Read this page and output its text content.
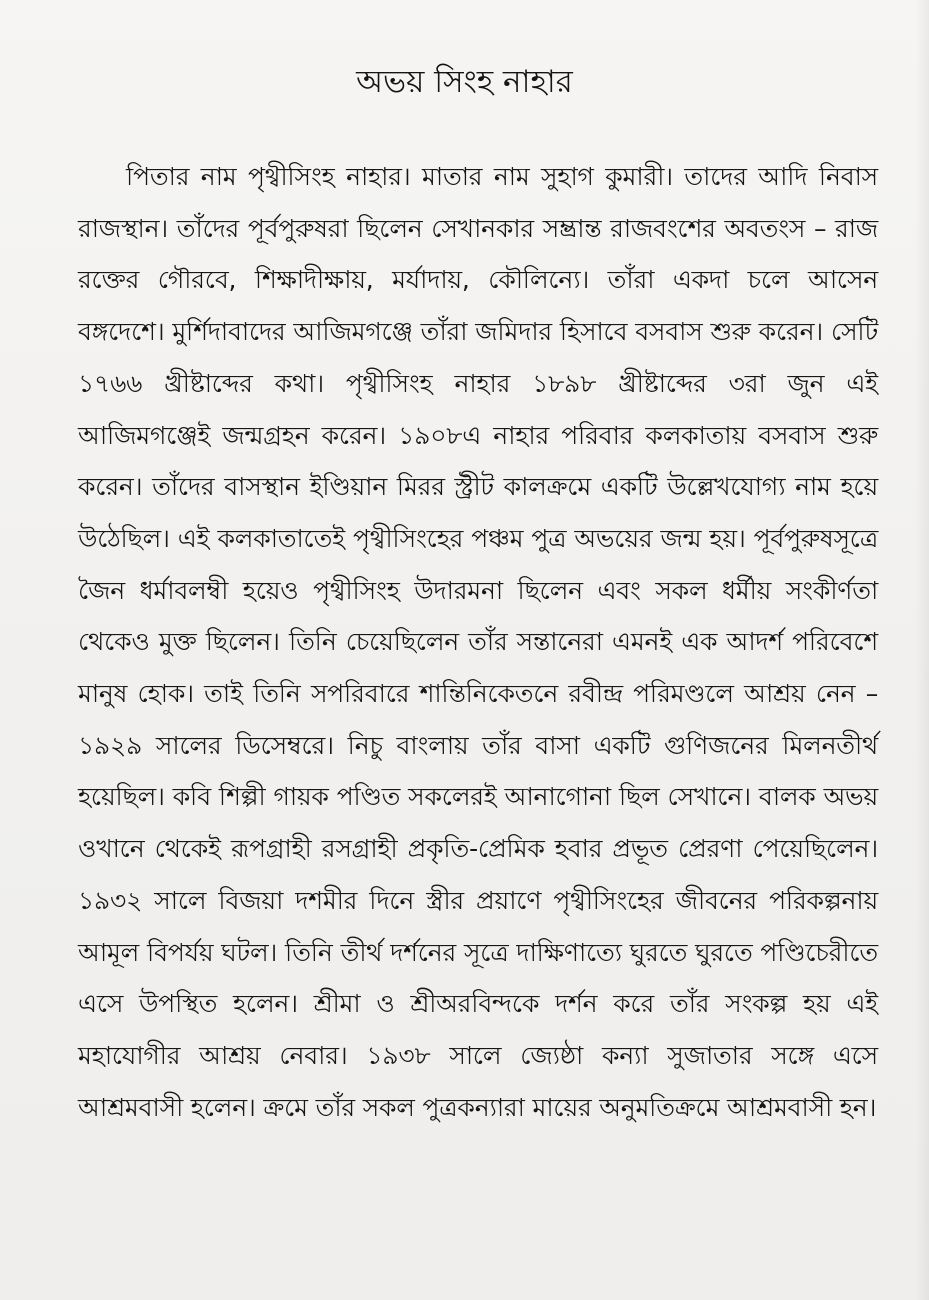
অভয় সিংহ নাহার

পিতার নাম পৃথ্বীসিংহ নাহার। মাতার নাম সুহাগ কুমারী। তাদের আদি নিবাস রাজস্থান। তাঁদের পূর্বপুরুষরা ছিলেন সেখানকার সম্ভ্রান্ত রাজবংশের অবতংস – রাজ রক্তের গৌরবে, শিক্ষাদীক্ষায়, মর্যাদায়, কৌলিন্যে। তাঁরা একদা চলে আসেন বঙ্গদেশে। মুর্শিদাবাদের আজিমগঞ্জে তাঁরা জমিদার হিসাবে বসবাস শুরু করেন। সেটি ১৭৬৬ খ্রীষ্টাব্দের কথা। পৃথ্বীসিংহ নাহার ১৮৯৮ খ্রীষ্টাব্দের ৩রা জুন এই আজিমগঞ্জেই জন্মগ্রহন করেন। ১৯০৮এ নাহার পরিবার কলকাতায় বসবাস শুরু করেন। তাঁদের বাসস্থান ইণ্ডিয়ান মিরর স্ট্রীট কালক্রমে একটি উল্লেখযোগ্য নাম হয়ে উঠেছিল। এই কলকাতাতেই পৃথ্বীসিংহের পঞ্চম পুত্র অভয়ের জন্ম হয়। পূর্বপুরুষসূত্রে জৈন ধর্মাবলম্বী হয়েও পৃথ্বীসিংহ উদারমনা ছিলেন এবং সকল ধর্মীয় সংকীর্ণতা থেকেও মুক্ত ছিলেন। তিনি চেয়েছিলেন তাঁর সন্তানেরা এমনই এক আদর্শ পরিবেশে মানুষ হোক। তাই তিনি সপরিবারে শান্তিনিকেতনে রবীন্দ্র পরিমণ্ডলে আশ্রয় নেন – ১৯২৯ সালের ডিসেম্বরে। নিচু বাংলায় তাঁর বাসা একটি গুণিজনের মিলনতীর্থ হয়েছিল। কবি শিল্পী গায়ক পণ্ডিত সকলেরই আনাগোনা ছিল সেখানে। বালক অভয় ওখানে থেকেই রূপগ্রাহী রসগ্রাহী প্রকৃতি-প্রেমিক হবার প্রভূত প্রেরণা পেয়েছিলেন। ১৯৩২ সালে বিজয়া দশমীর দিনে স্ত্রীর প্রয়াণে পৃথ্বীসিংহের জীবনের পরিকল্পনায় আমূল বিপর্যয় ঘটল। তিনি তীর্থ দর্শনের সূত্রে দাক্ষিণাত্যে ঘুরতে ঘুরতে পণ্ডিচেরীতে এসে উপস্থিত হলেন। শ্রীমা ও শ্রীঅরবিন্দকে দর্শন করে তাঁর সংকল্প হয় এই মহাযোগীর আশ্রয় নেবার। ১৯৩৮ সালে জ্যেষ্ঠা কন্যা সুজাতার সঙ্গে এসে আশ্রমবাসী হলেন। ক্রমে তাঁর সকল পুত্রকন্যারা মায়ের অনুমতিক্রমে আশ্রমবাসী হন।
